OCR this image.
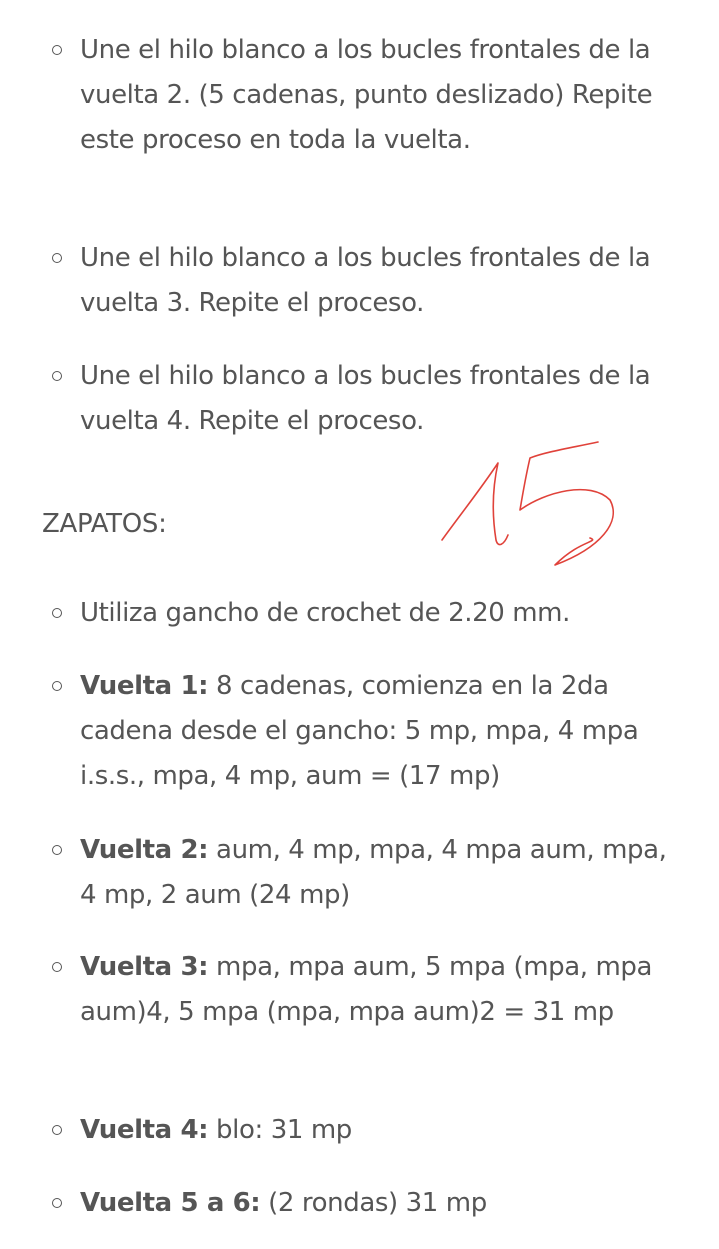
Une el hilo blanco a los bucles frontales de la vuelta 2. (5 cadenas, punto deslizado) Repite este proceso en toda la vuelta.
Une el hilo blanco a los bucles frontales de la vuelta 3. Repite el proceso.
Une el hilo blanco a los bucles frontales de la vuelta 4. Repite el proceso.
ZAPATOS:
Utiliza gancho de crochet de 2.20 mm.
Vuelta 1: 8 cadenas, comienza en la 2da cadena desde el gancho: 5 mp, mpa, 4 mpa i.s.s., mpa, 4 mp, aum = (17 mp)
Vuelta 2: aum, 4 mp, mpa, 4 mpa aum, mpa, 4 mp, 2 aum (24 mp)
Vuelta 3: mpa, mpa aum, 5 mpa (mpa, mpa aum)4, 5 mpa (mpa, mpa aum)2 = 31 mp
Vuelta 4: blo: 31 mp
Vuelta 5 a 6: (2 rondas) 31 mp
